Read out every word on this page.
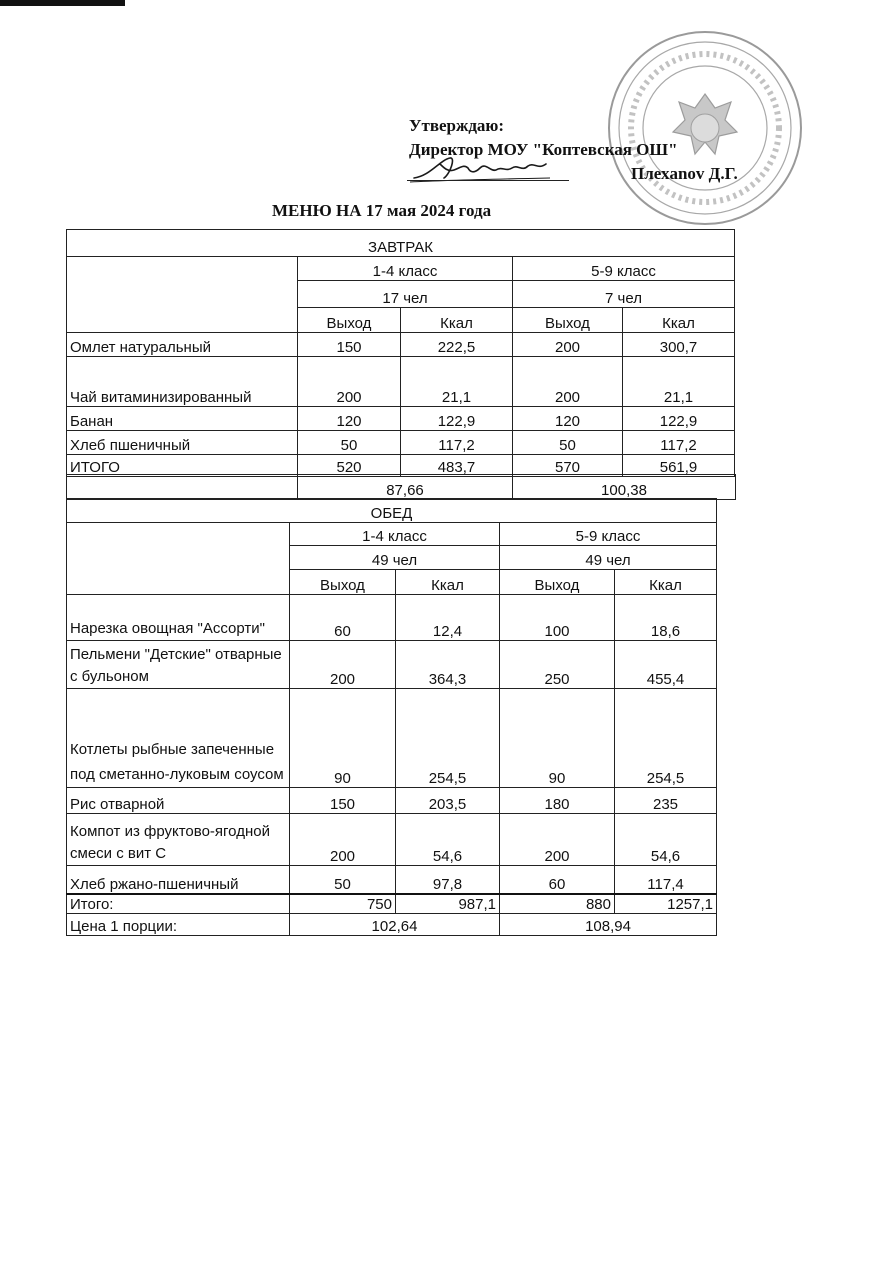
Утверждаю:
Директор МОУ "Коптевская ОШ"
Плехanov Д.Г.
МЕНЮ НА 17 мая 2024 года
ЗАВТРАК				
	1-4 класс		5-9 класс	
	17 чел		7 чел	
	Выход	Ккал	Выход	Ккал
Омлет натуральный	150	222,5	200	300,7
Чай витаминизированный	200	21,1	200	21,1
Банан	120	122,9	120	122,9
Хлеб пшеничный	50	117,2	50	117,2
ИТОГО	520	483,7	570	561,9
	87,66	100,38
ОБЕД				
	1-4 класс		5-9 класс	
	49 чел		49 чел	
	Выход	Ккал	Выход	Ккал
Нарезка овощная "Ассорти"	60	12,4	100	18,6
Пельмени "Детские" отварные с бульоном	200	364,3	250	455,4
Котлеты рыбные запеченные под сметанно-луковым соусом	90	254,5	90	254,5
Рис отварной	150	203,5	180	235
Компот из фруктово-ягодной смеси с вит С	200	54,6	200	54,6
Хлеб ржано-пшеничный	50	97,8	60	117,4
Итого:	750	987,1	880	1257,1
Цена 1 порции:	102,64		108,94	
